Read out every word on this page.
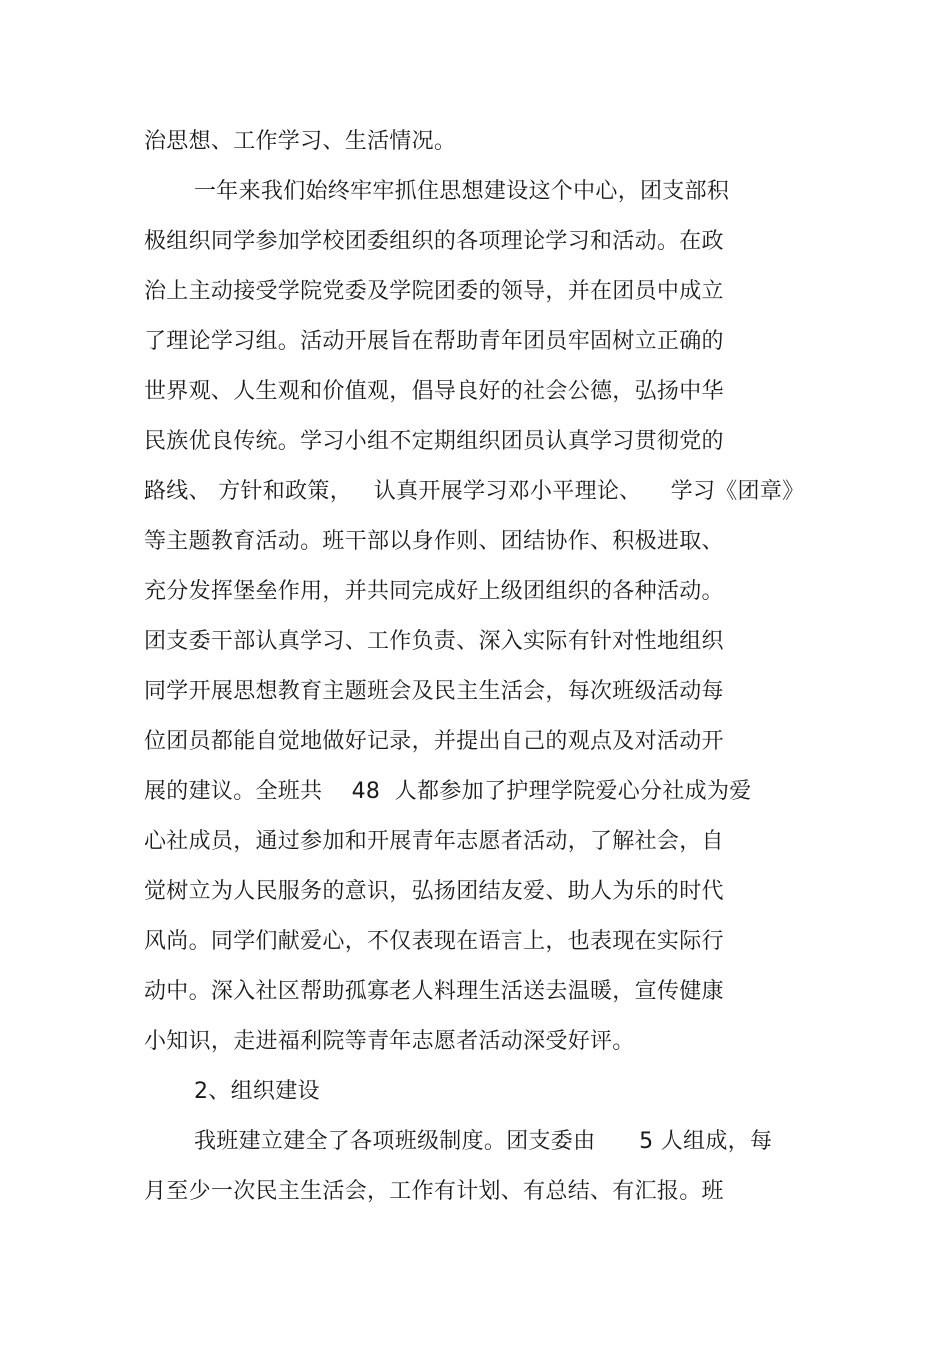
治思想、工作学习、生活情况。

一年来我们始终牢牢抓住思想建设这个中心，团支部积

极组织同学参加学校团委组织的各项理论学习和活动。在政

治上主动接受学院党委及学院团委的领导，并在团员中成立

了理论学习组。活动开展旨在帮助青年团员牢固树立正确的

世界观、人生观和价值观，倡导良好的社会公德，弘扬中华

民族优良传统。学习小组不定期组织团员认真学习贯彻党的

路线、 方针和政策，   认真开展学习邓小平理论、    学习《团章》

等主题教育活动。班干部以身作则、团结协作、积极进取、

充分发挥堡垒作用，并共同完成好上级团组织的各种活动。

团支委干部认真学习、工作负责、深入实际有针对性地组织

同学开展思想教育主题班会及民主生活会，每次班级活动每

位团员都能自觉地做好记录，并提出自己的观点及对活动开

展的建议。全班共    48  人都参加了护理学院爱心分社成为爱

心社成员，通过参加和开展青年志愿者活动，了解社会，自

觉树立为人民服务的意识，弘扬团结友爱、助人为乐的时代

风尚。同学们献爱心，不仅表现在语言上，也表现在实际行

动中。深入社区帮助孤寡老人料理生活送去温暖，宣传健康

小知识，走进福利院等青年志愿者活动深受好评。

2、组织建设

我班建立建全了各项班级制度。团支委由      5 人组成，每

月至少一次民主生活会，工作有计划、有总结、有汇报。班
